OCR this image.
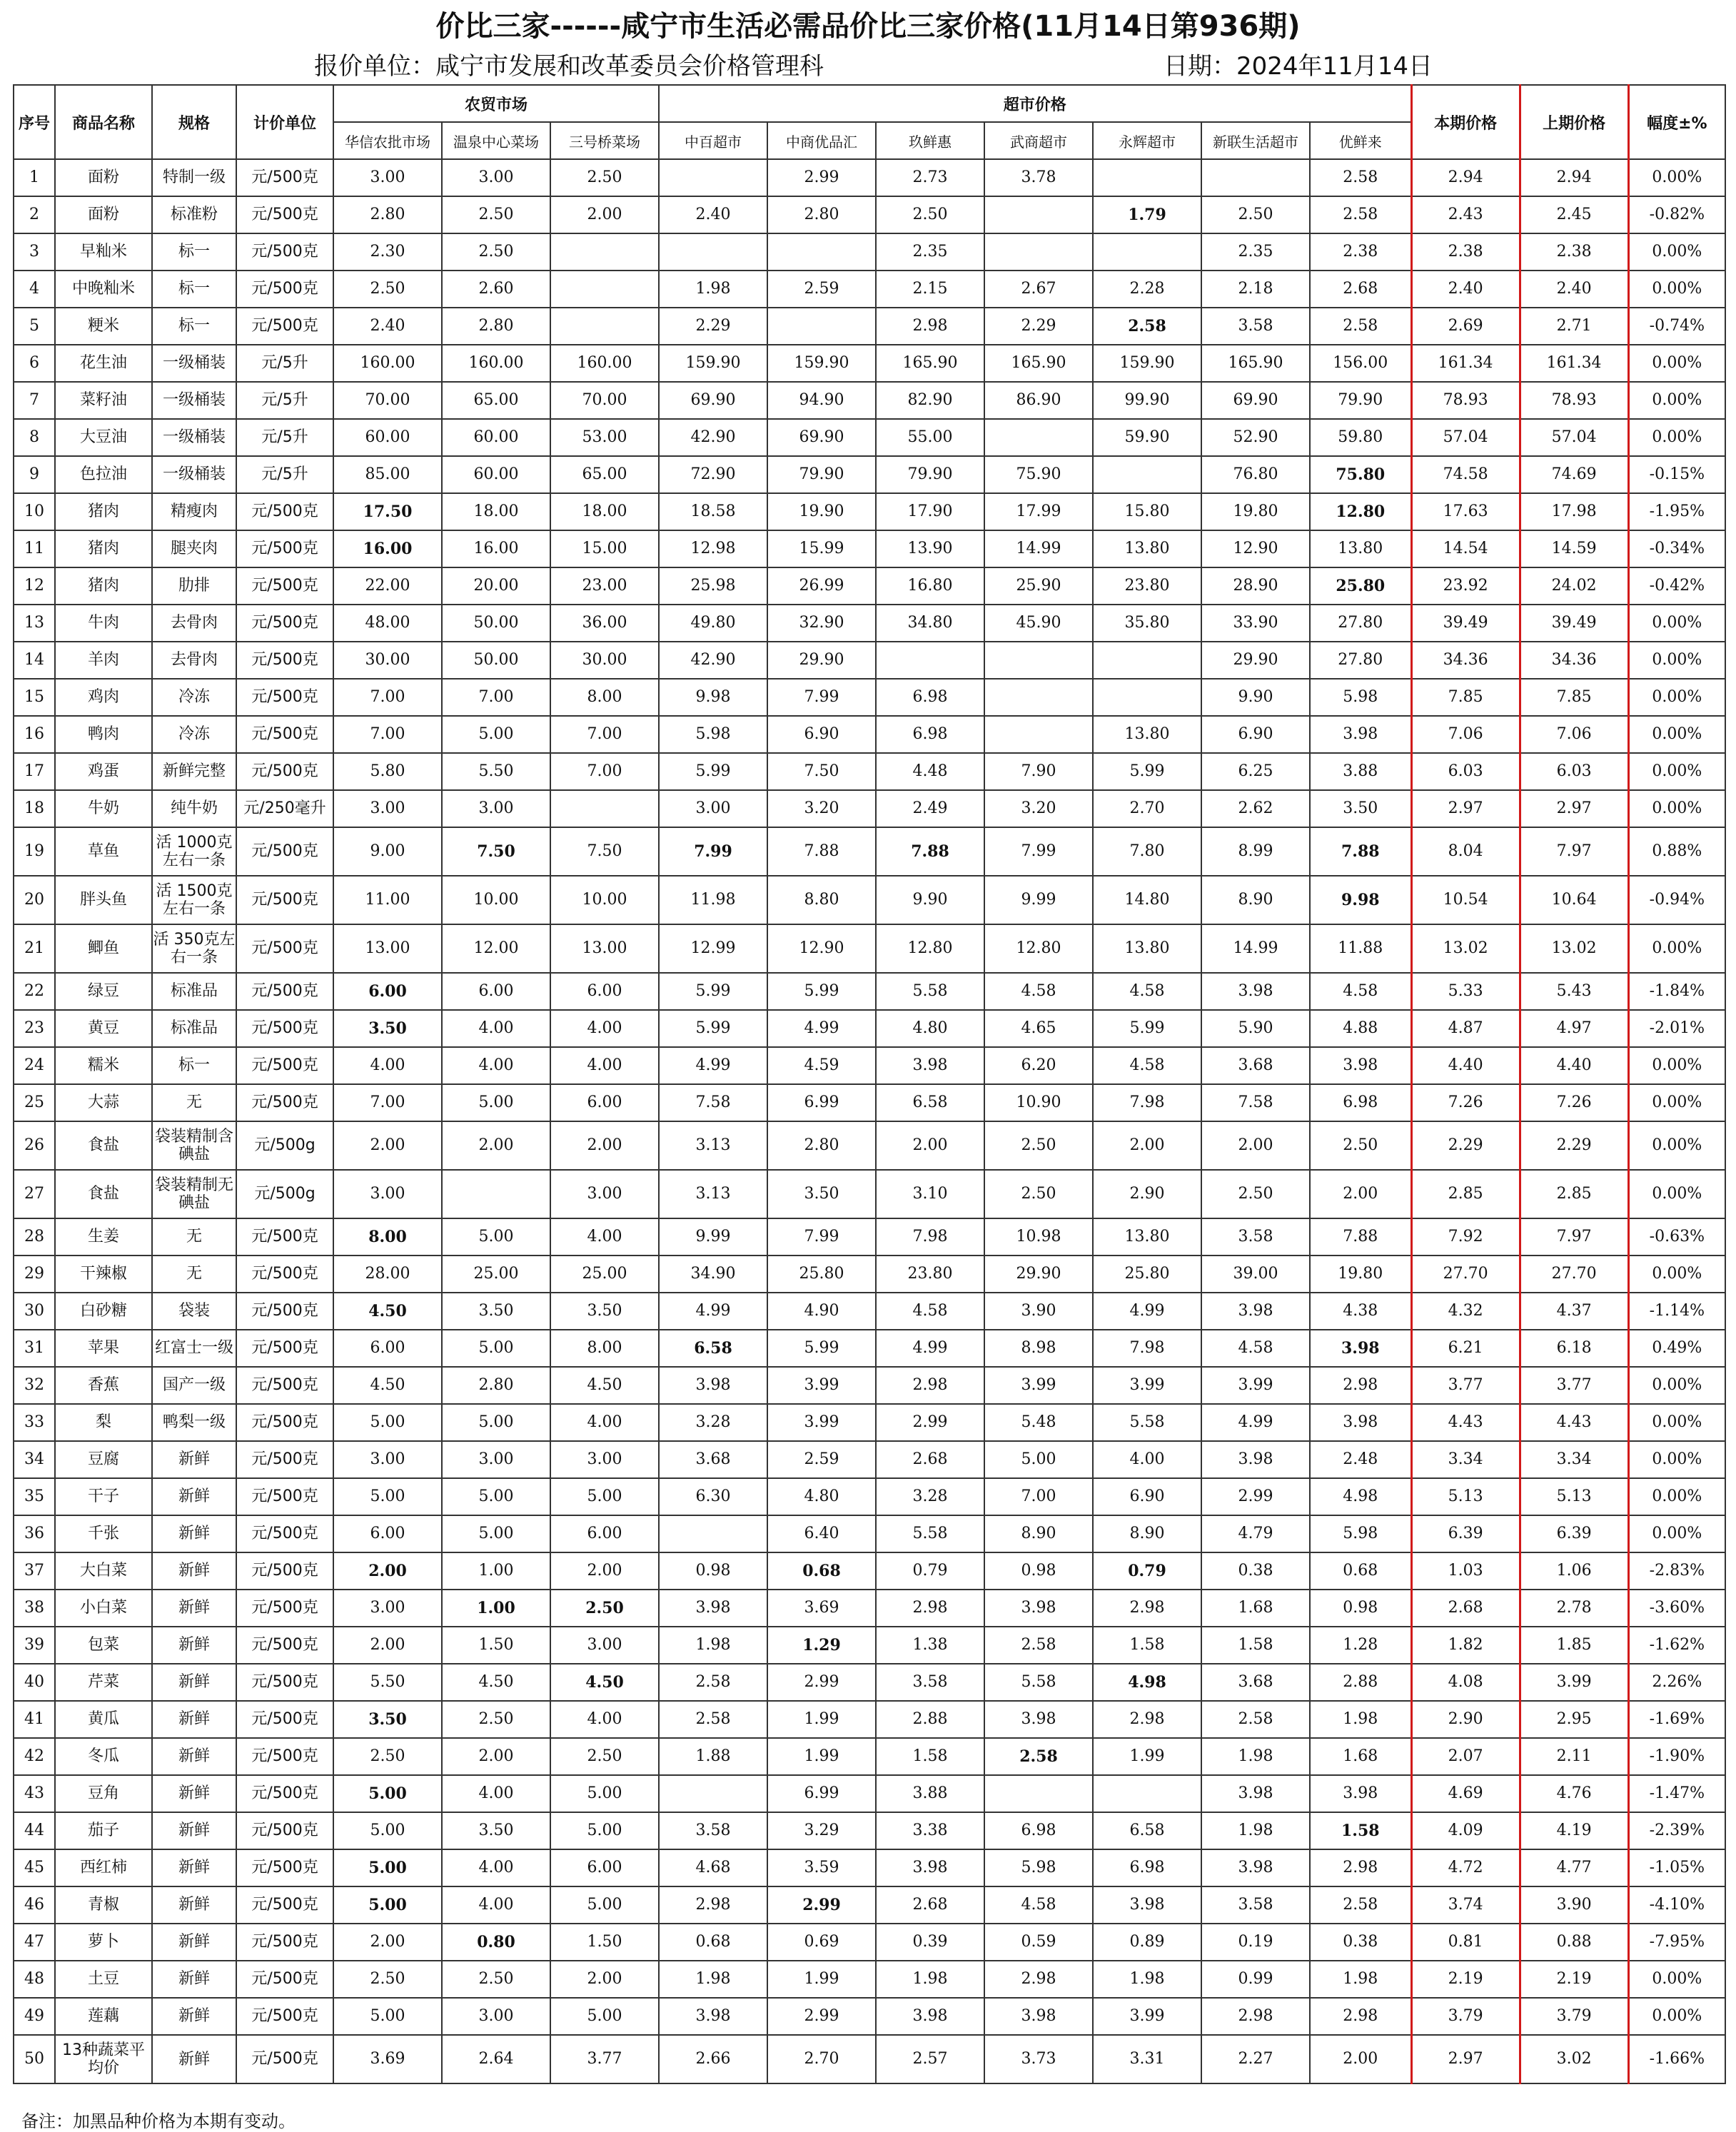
价比三家------咸宁市生活必需品价比三家价格(11月14日第936期)
报价单位：咸宁市发展和改革委员会价格管理科	日期：2024年11月14日
序号	商品名称	规格	计价单位	农贸市场			超市价格							本期价格	上期价格	幅度±%
				华信农批市场	温泉中心菜场	三号桥菜场	中百超市	中商优品汇	玖鲜惠	武商超市	永辉超市	新联生活超市	优鲜来			
1	面粉	特制一级	元/500克	3.00	3.00	2.50		2.99	2.73	3.78			2.58	2.94	2.94	0.00%
2	面粉	标准粉	元/500克	2.80	2.50	2.00	2.40	2.80	2.50		1.79	2.50	2.58	2.43	2.45	-0.82%
3	早籼米	标一	元/500克	2.30	2.50				2.35			2.35	2.38	2.38	2.38	0.00%
4	中晚籼米	标一	元/500克	2.50	2.60		1.98	2.59	2.15	2.67	2.28	2.18	2.68	2.40	2.40	0.00%
5	粳米	标一	元/500克	2.40	2.80		2.29		2.98	2.29	2.58	3.58	2.58	2.69	2.71	-0.74%
6	花生油	一级桶装	元/5升	160.00	160.00	160.00	159.90	159.90	165.90	165.90	159.90	165.90	156.00	161.34	161.34	0.00%
7	菜籽油	一级桶装	元/5升	70.00	65.00	70.00	69.90	94.90	82.90	86.90	99.90	69.90	79.90	78.93	78.93	0.00%
8	大豆油	一级桶装	元/5升	60.00	60.00	53.00	42.90	69.90	55.00		59.90	52.90	59.80	57.04	57.04	0.00%
9	色拉油	一级桶装	元/5升	85.00	60.00	65.00	72.90	79.90	79.90	75.90		76.80	75.80	74.58	74.69	-0.15%
10	猪肉	精瘦肉	元/500克	17.50	18.00	18.00	18.58	19.90	17.90	17.99	15.80	19.80	12.80	17.63	17.98	-1.95%
11	猪肉	腿夹肉	元/500克	16.00	16.00	15.00	12.98	15.99	13.90	14.99	13.80	12.90	13.80	14.54	14.59	-0.34%
12	猪肉	肋排	元/500克	22.00	20.00	23.00	25.98	26.99	16.80	25.90	23.80	28.90	25.80	23.92	24.02	-0.42%
13	牛肉	去骨肉	元/500克	48.00	50.00	36.00	49.80	32.90	34.80	45.90	35.80	33.90	27.80	39.49	39.49	0.00%
14	羊肉	去骨肉	元/500克	30.00	50.00	30.00	42.90	29.90				29.90	27.80	34.36	34.36	0.00%
15	鸡肉	冷冻	元/500克	7.00	7.00	8.00	9.98	7.99	6.98			9.90	5.98	7.85	7.85	0.00%
16	鸭肉	冷冻	元/500克	7.00	5.00	7.00	5.98	6.90	6.98		13.80	6.90	3.98	7.06	7.06	0.00%
17	鸡蛋	新鲜完整	元/500克	5.80	5.50	7.00	5.99	7.50	4.48	7.90	5.99	6.25	3.88	6.03	6.03	0.00%
18	牛奶	纯牛奶	元/250毫升	3.00	3.00		3.00	3.20	2.49	3.20	2.70	2.62	3.50	2.97	2.97	0.00%
19	草鱼	活 1000克左右一条	元/500克	9.00	7.50	7.50	7.99	7.88	7.88	7.99	7.80	8.99	7.88	8.04	7.97	0.88%
20	胖头鱼	活 1500克左右一条	元/500克	11.00	10.00	10.00	11.98	8.80	9.90	9.99	14.80	8.90	9.98	10.54	10.64	-0.94%
21	鲫鱼	活 350克左右一条	元/500克	13.00	12.00	13.00	12.99	12.90	12.80	12.80	13.80	14.99	11.88	13.02	13.02	0.00%
22	绿豆	标准品	元/500克	6.00	6.00	6.00	5.99	5.99	5.58	4.58	4.58	3.98	4.58	5.33	5.43	-1.84%
23	黄豆	标准品	元/500克	3.50	4.00	4.00	5.99	4.99	4.80	4.65	5.99	5.90	4.88	4.87	4.97	-2.01%
24	糯米	标一	元/500克	4.00	4.00	4.00	4.99	4.59	3.98	6.20	4.58	3.68	3.98	4.40	4.40	0.00%
25	大蒜	无	元/500克	7.00	5.00	6.00	7.58	6.99	6.58	10.90	7.98	7.58	6.98	7.26	7.26	0.00%
26	食盐	袋装精制含碘盐	元/500g	2.00	2.00	2.00	3.13	2.80	2.00	2.50	2.00	2.00	2.50	2.29	2.29	0.00%
27	食盐	袋装精制无碘盐	元/500g	3.00		3.00	3.13	3.50	3.10	2.50	2.90	2.50	2.00	2.85	2.85	0.00%
28	生姜	无	元/500克	8.00	5.00	4.00	9.99	7.99	7.98	10.98	13.80	3.58	7.88	7.92	7.97	-0.63%
29	干辣椒	无	元/500克	28.00	25.00	25.00	34.90	25.80	23.80	29.90	25.80	39.00	19.80	27.70	27.70	0.00%
30	白砂糖	袋装	元/500克	4.50	3.50	3.50	4.99	4.90	4.58	3.90	4.99	3.98	4.38	4.32	4.37	-1.14%
31	苹果	红富士一级	元/500克	6.00	5.00	8.00	6.58	5.99	4.99	8.98	7.98	4.58	3.98	6.21	6.18	0.49%
32	香蕉	国产一级	元/500克	4.50	2.80	4.50	3.98	3.99	2.98	3.99	3.99	3.99	2.98	3.77	3.77	0.00%
33	梨	鸭梨一级	元/500克	5.00	5.00	4.00	3.28	3.99	2.99	5.48	5.58	4.99	3.98	4.43	4.43	0.00%
34	豆腐	新鲜	元/500克	3.00	3.00	3.00	3.68	2.59	2.68	5.00	4.00	3.98	2.48	3.34	3.34	0.00%
35	干子	新鲜	元/500克	5.00	5.00	5.00	6.30	4.80	3.28	7.00	6.90	2.99	4.98	5.13	5.13	0.00%
36	千张	新鲜	元/500克	6.00	5.00	6.00		6.40	5.58	8.90	8.90	4.79	5.98	6.39	6.39	0.00%
37	大白菜	新鲜	元/500克	2.00	1.00	2.00	0.98	0.68	0.79	0.98	0.79	0.38	0.68	1.03	1.06	-2.83%
38	小白菜	新鲜	元/500克	3.00	1.00	2.50	3.98	3.69	2.98	3.98	2.98	1.68	0.98	2.68	2.78	-3.60%
39	包菜	新鲜	元/500克	2.00	1.50	3.00	1.98	1.29	1.38	2.58	1.58	1.58	1.28	1.82	1.85	-1.62%
40	芹菜	新鲜	元/500克	5.50	4.50	4.50	2.58	2.99	3.58	5.58	4.98	3.68	2.88	4.08	3.99	2.26%
41	黄瓜	新鲜	元/500克	3.50	2.50	4.00	2.58	1.99	2.88	3.98	2.98	2.58	1.98	2.90	2.95	-1.69%
42	冬瓜	新鲜	元/500克	2.50	2.00	2.50	1.88	1.99	1.58	2.58	1.99	1.98	1.68	2.07	2.11	-1.90%
43	豆角	新鲜	元/500克	5.00	4.00	5.00		6.99	3.88			3.98	3.98	4.69	4.76	-1.47%
44	茄子	新鲜	元/500克	5.00	3.50	5.00	3.58	3.29	3.38	6.98	6.58	1.98	1.58	4.09	4.19	-2.39%
45	西红柿	新鲜	元/500克	5.00	4.00	6.00	4.68	3.59	3.98	5.98	6.98	3.98	2.98	4.72	4.77	-1.05%
46	青椒	新鲜	元/500克	5.00	4.00	5.00	2.98	2.99	2.68	4.58	3.98	3.58	2.58	3.74	3.90	-4.10%
47	萝卜	新鲜	元/500克	2.00	0.80	1.50	0.68	0.69	0.39	0.59	0.89	0.19	0.38	0.81	0.88	-7.95%
48	土豆	新鲜	元/500克	2.50	2.50	2.00	1.98	1.99	1.98	2.98	1.98	0.99	1.98	2.19	2.19	0.00%
49	莲藕	新鲜	元/500克	5.00	3.00	5.00	3.98	2.99	3.98	3.98	3.99	2.98	2.98	3.79	3.79	0.00%
50	13种蔬菜平均价	新鲜	元/500克	3.69	2.64	3.77	2.66	2.70	2.57	3.73	3.31	2.27	2.00	2.97	3.02	-1.66%
备注：加黑品种价格为本期有变动。
